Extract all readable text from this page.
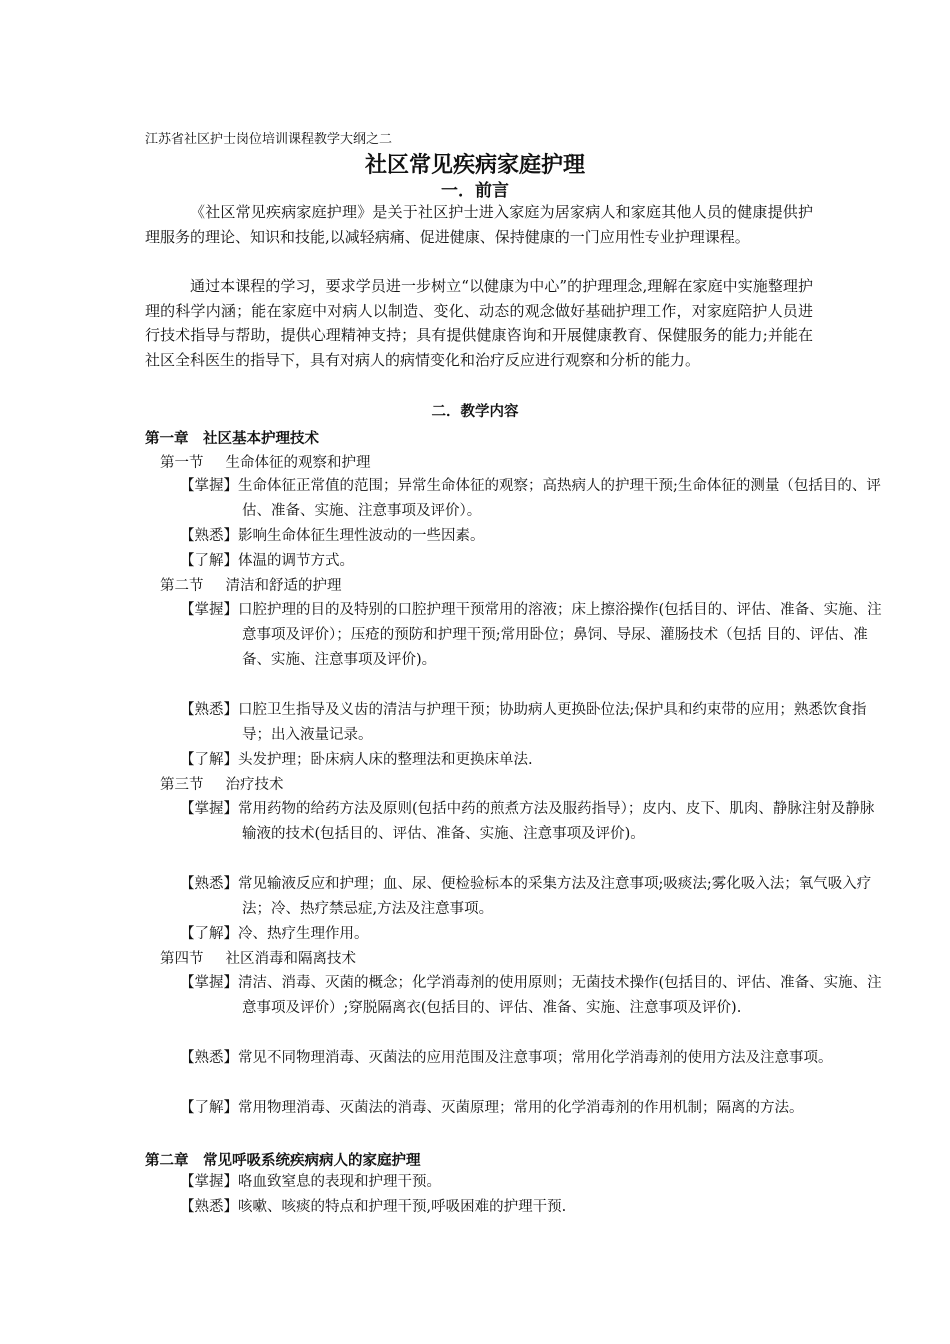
江苏省社区护士岗位培训课程教学大纲之二
社区常见疾病家庭护理
一．前言
《社区常见疾病家庭护理》是关于社区护士进入家庭为居家病人和家庭其他人员的健康提供护理服务的理论、知识和技能,以减轻病痛、促进健康、保持健康的一门应用性专业护理课程。
通过本课程的学习，要求学员进一步树立“以健康为中心”的护理理念,理解在家庭中实施整理护理的科学内涵；能在家庭中对病人以制造、变化、动态的观念做好基础护理工作，对家庭陪护人员进行技术指导与帮助，提供心理精神支持；具有提供健康咨询和开展健康教育、保健服务的能力;并能在社区全科医生的指导下，具有对病人的病情变化和治疗反应进行观察和分析的能力。
二．教学内容
第一章　社区基本护理技术
第一节 生命体征的观察和护理
【掌握】生命体征正常值的范围；异常生命体征的观察；高热病人的护理干预;生命体征的测量（包括目的、评估、准备、实施、注意事项及评价）。
【熟悉】影响生命体征生理性波动的一些因素。
【了解】体温的调节方式。
第二节 清洁和舒适的护理
【掌握】口腔护理的目的及特别的口腔护理干预常用的溶液；床上擦浴操作(包括目的、评估、准备、实施、注意事项及评价）；压疮的预防和护理干预;常用卧位；鼻饲、导尿、灌肠技术（包括 目的、评估、准备、实施、注意事项及评价)。
【熟悉】口腔卫生指导及义齿的清洁与护理干预；协助病人更换卧位法;保护具和约束带的应用；熟悉饮食指导；出入液量记录。
【了解】头发护理；卧床病人床的整理法和更换床单法.
第三节 治疗技术
【掌握】常用药物的给药方法及原则(包括中药的煎煮方法及服药指导）；皮内、皮下、肌肉、静脉注射及静脉输液的技术(包括目的、评估、准备、实施、注意事项及评价)。
【熟悉】常见输液反应和护理；血、尿、便检验标本的采集方法及注意事项;吸痰法;雾化吸入法；氧气吸入疗法；冷、热疗禁忌症,方法及注意事项。
【了解】冷、热疗生理作用。
第四节 社区消毒和隔离技术
【掌握】清洁、消毒、灭菌的概念；化学消毒剂的使用原则；无菌技术操作(包括目的、评估、准备、实施、注意事项及评价）;穿脱隔离衣(包括目的、评估、准备、实施、注意事项及评价).
【熟悉】常见不同物理消毒、灭菌法的应用范围及注意事项；常用化学消毒剂的使用方法及注意事项。
【了解】常用物理消毒、灭菌法的消毒、灭菌原理；常用的化学消毒剂的作用机制；隔离的方法。
第二章　常见呼吸系统疾病病人的家庭护理
【掌握】咯血致窒息的表现和护理干预。
【熟悉】咳嗽、咳痰的特点和护理干预,呼吸困难的护理干预.
